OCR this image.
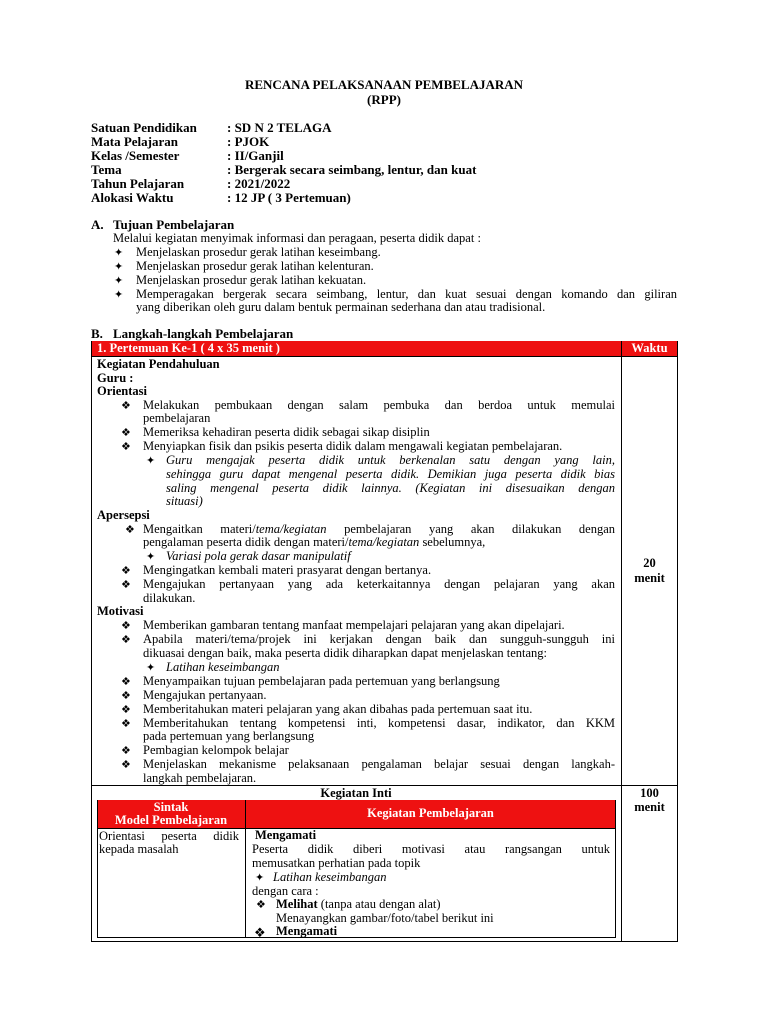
RENCANA PELAKSANAAN PEMBELAJARAN
(RPP)
Satuan Pendidikan : SD N 2 TELAGA
Mata Pelajaran	: PJOK
Kelas /Semester	: II/Ganjil
Tema	: Bergerak secara seimbang, lentur, dan kuat
Tahun Pelajaran	: 2021/2022
Alokasi Waktu	: 12 JP ( 3 Pertemuan)
A. Tujuan Pembelajaran
Melalui kegiatan menyimak informasi dan peragaan, peserta didik dapat :
✦ Menjelaskan prosedur gerak latihan keseimbang.
✦ Menjelaskan prosedur gerak latihan kelenturan.
✦ Menjelaskan prosedur gerak latihan kekuatan.
✦ Memperagakan bergerak secara seimbang, lentur, dan kuat sesuai dengan komando dan giliran
yang diberikan oleh guru dalam bentuk permainan sederhana dan atau tradisional.
B. Langkah-langkah Pembelajaran
1. Pertemuan Ke-1 ( 4 x 35 menit )	Waktu
Kegiatan Pendahuluan
Guru :
Orientasi
❖ Melakukan pembukaan dengan salam pembuka dan berdoa untuk memulai
pembelajaran
❖ Memeriksa kehadiran peserta didik sebagai sikap disiplin
❖ Menyiapkan fisik dan psikis peserta didik dalam mengawali kegiatan pembelajaran.
✦ Guru mengajak peserta didik untuk berkenalan satu dengan yang lain,
sehingga guru dapat mengenal peserta didik. Demikian juga peserta didik bias
saling mengenal peserta didik lainnya. (Kegiatan ini disesuaikan dengan
situasi)
Apersepsi
❖ Mengaitkan materi/tema/kegiatan pembelajaran yang akan dilakukan dengan
pengalaman peserta didik dengan materi/tema/kegiatan sebelumnya,
✦ Variasi pola gerak dasar manipulatif
❖ Mengingatkan kembali materi prasyarat dengan bertanya.
❖ Mengajukan pertanyaan yang ada keterkaitannya dengan pelajaran yang akan
dilakukan.
Motivasi
❖ Memberikan gambaran tentang manfaat mempelajari pelajaran yang akan dipelajari.
❖ Apabila materi/tema/projek ini kerjakan dengan baik dan sungguh-sungguh ini
dikuasai dengan baik, maka peserta didik diharapkan dapat menjelaskan tentang:
✦ Latihan keseimbangan
❖ Menyampaikan tujuan pembelajaran pada pertemuan yang berlangsung
❖ Mengajukan pertanyaan.
❖ Memberitahukan materi pelajaran yang akan dibahas pada pertemuan saat itu.
❖ Memberitahukan tentang kompetensi inti, kompetensi dasar, indikator, dan KKM
pada pertemuan yang berlangsung
❖ Pembagian kelompok belajar
❖ Menjelaskan mekanisme pelaksanaan pengalaman belajar sesuai dengan langkah-
langkah pembelajaran.
20
menit
Kegiatan Inti	100
menit
Sintak
Model Pembelajaran	Kegiatan Pembelajaran
Orientasi peserta didik
kepada masalah
Mengamati
Peserta didik diberi motivasi atau rangsangan untuk
memusatkan perhatian pada topik
✦ Latihan keseimbangan
dengan cara :
❖ Melihat (tanpa atau dengan alat)
Menayangkan gambar/foto/tabel berikut ini
❖ Mengamati
